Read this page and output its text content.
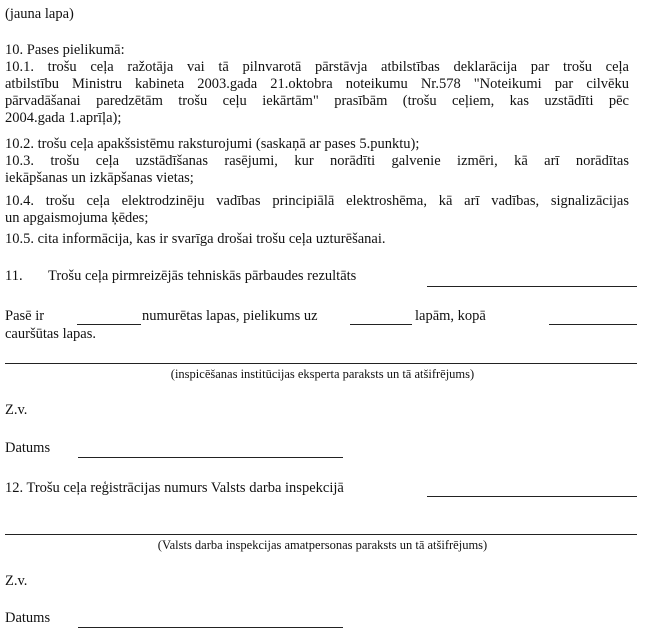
(jauna lapa)
10. Pases pielikumā:
10.1. trošu ceļa ražotāja vai tā pilnvarotā pārstāvja atbilstības deklarācija par trošu ceļa
atbilstību Ministru kabineta 2003.gada 21.oktobra noteikumu Nr.578 "Noteikumi par cilvēku
pārvadāšanai paredzētām trošu ceļu iekārtām" prasībām (trošu ceļiem, kas uzstādīti pēc
2004.gada 1.aprīļa);
10.2. trošu ceļa apakšsistēmu raksturojumi (saskaņā ar pases 5.punktu);
10.3. trošu ceļa uzstādīšanas rasējumi, kur norādīti galvenie izmēri, kā arī norādītas
iekāpšanas un izkāpšanas vietas;
10.4. trošu ceļa elektrodzinēju vadības principiālā elektroshēma, kā arī vadības, signalizācijas
un apgaismojuma ķēdes;
10.5. cita informācija, kas ir svarīga drošai trošu ceļa uzturēšanai.
11. Trošu ceļa pirmreizējās tehniskās pārbaudes rezultāts
Pasē ir	numurētas lapas, pielikums uz	lapām, kopā
cauršūtas lapas.
(inspicēšanas institūcijas eksperta paraksts un tā atšifrējums)
Z.v.
Datums
12. Trošu ceļa reģistrācijas numurs Valsts darba inspekcijā
(Valsts darba inspekcijas amatpersonas paraksts un tā atšifrējums)
Z.v.
Datums
